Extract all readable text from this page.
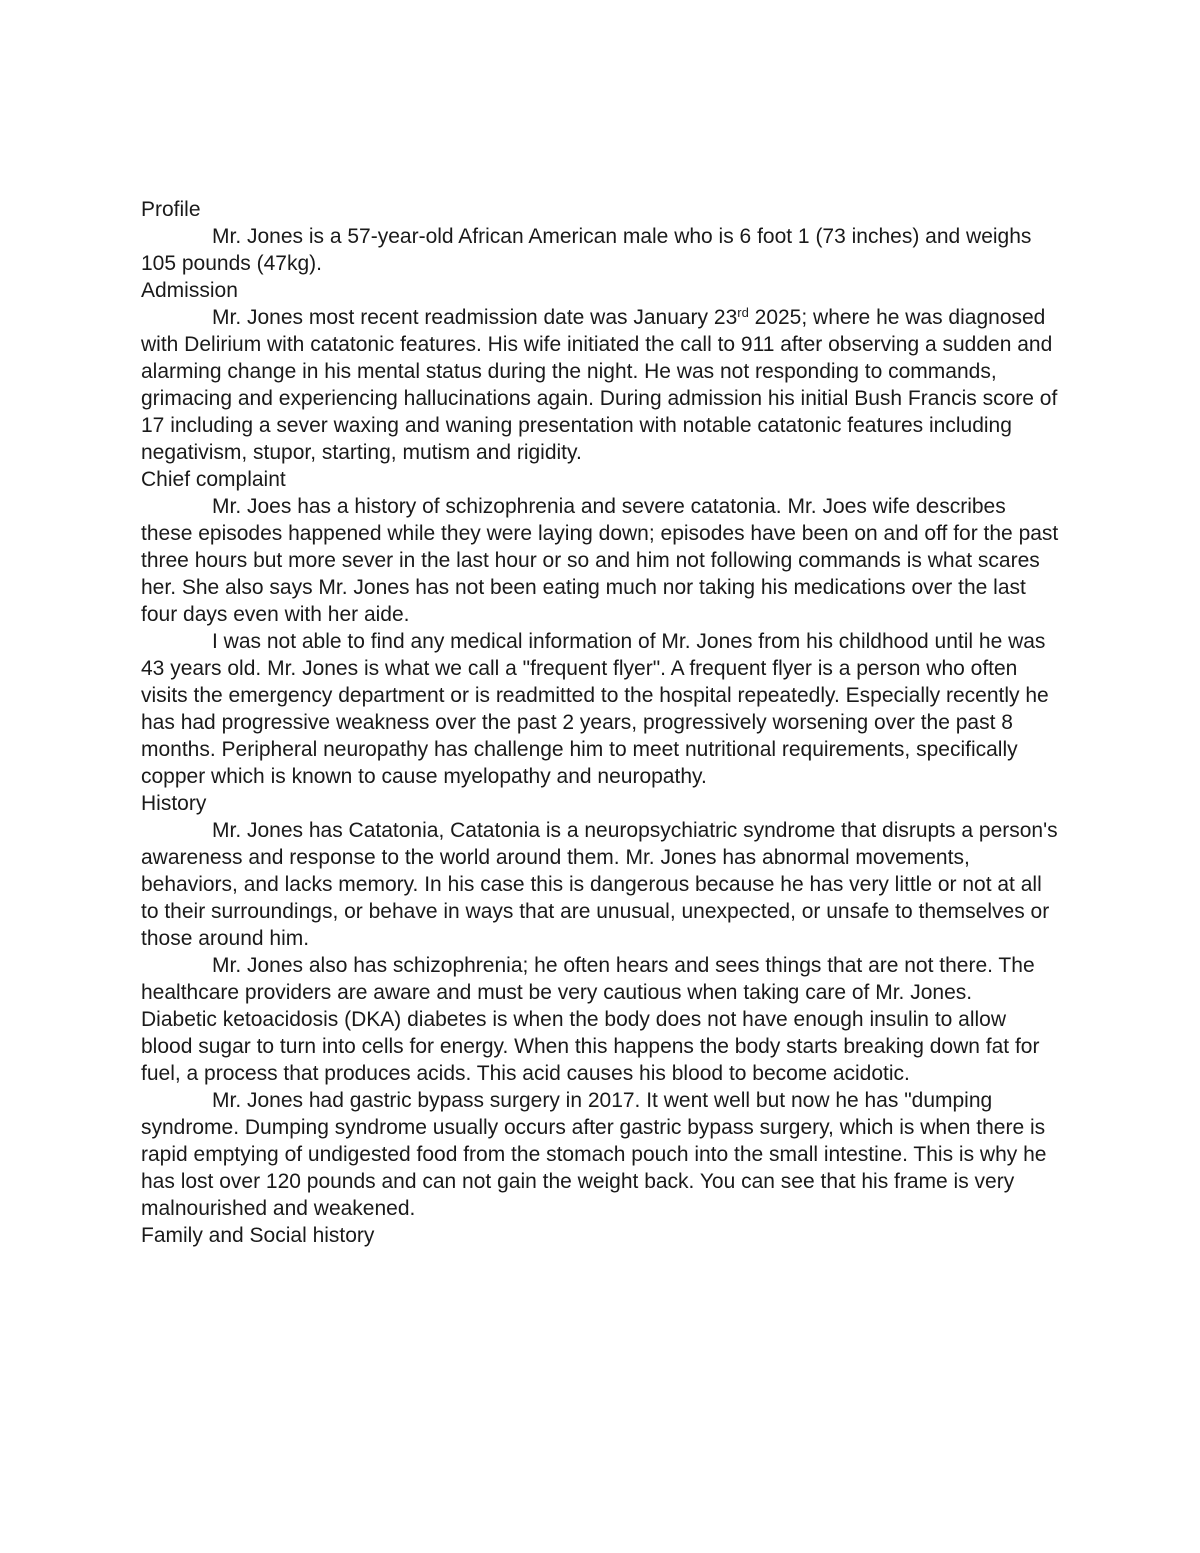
Profile

Mr. Jones is a 57-year-old African American male who is 6 foot 1 (73 inches) and weighs 105 pounds (47kg).

Admission

Mr. Jones most recent readmission date was January 23rd 2025; where he was diagnosed with Delirium with catatonic features. His wife initiated the call to 911 after observing a sudden and alarming change in his mental status during the night. He was not responding to commands, grimacing and experiencing hallucinations again. During admission his initial Bush Francis score of 17 including a sever waxing and waning presentation with notable catatonic features including negativism, stupor, starting, mutism and rigidity.

Chief complaint

Mr. Joes has a history of schizophrenia and severe catatonia. Mr. Joes wife describes these episodes happened while they were laying down; episodes have been on and off for the past three hours but more sever in the last hour or so and him not following commands is what scares her. She also says Mr. Jones has not been eating much nor taking his medications over the last four days even with her aide.

I was not able to find any medical information of Mr. Jones from his childhood until he was 43 years old. Mr. Jones is what we call a "frequent flyer". A frequent flyer is a person who often visits the emergency department or is readmitted to the hospital repeatedly. Especially recently he has had progressive weakness over the past 2 years, progressively worsening over the past 8 months. Peripheral neuropathy has challenge him to meet nutritional requirements, specifically copper which is known to cause myelopathy and neuropathy.

History

Mr. Jones has Catatonia, Catatonia is a neuropsychiatric syndrome that disrupts a person's awareness and response to the world around them. Mr. Jones has abnormal movements, behaviors, and lacks memory. In his case this is dangerous because he has very little or not at all to their surroundings, or behave in ways that are unusual, unexpected, or unsafe to themselves or those around him.

Mr. Jones also has schizophrenia; he often hears and sees things that are not there. The healthcare providers are aware and must be very cautious when taking care of Mr. Jones.

Diabetic ketoacidosis (DKA) diabetes is when the body does not have enough insulin to allow blood sugar to turn into cells for energy. When this happens the body starts breaking down fat for fuel, a process that produces acids. This acid causes his blood to become acidotic.

Mr. Jones had gastric bypass surgery in 2017. It went well but now he has "dumping syndrome. Dumping syndrome usually occurs after gastric bypass surgery, which is when there is rapid emptying of undigested food from the stomach pouch into the small intestine. This is why he has lost over 120 pounds and can not gain the weight back. You can see that his frame is very malnourished and weakened.

Family and Social history
